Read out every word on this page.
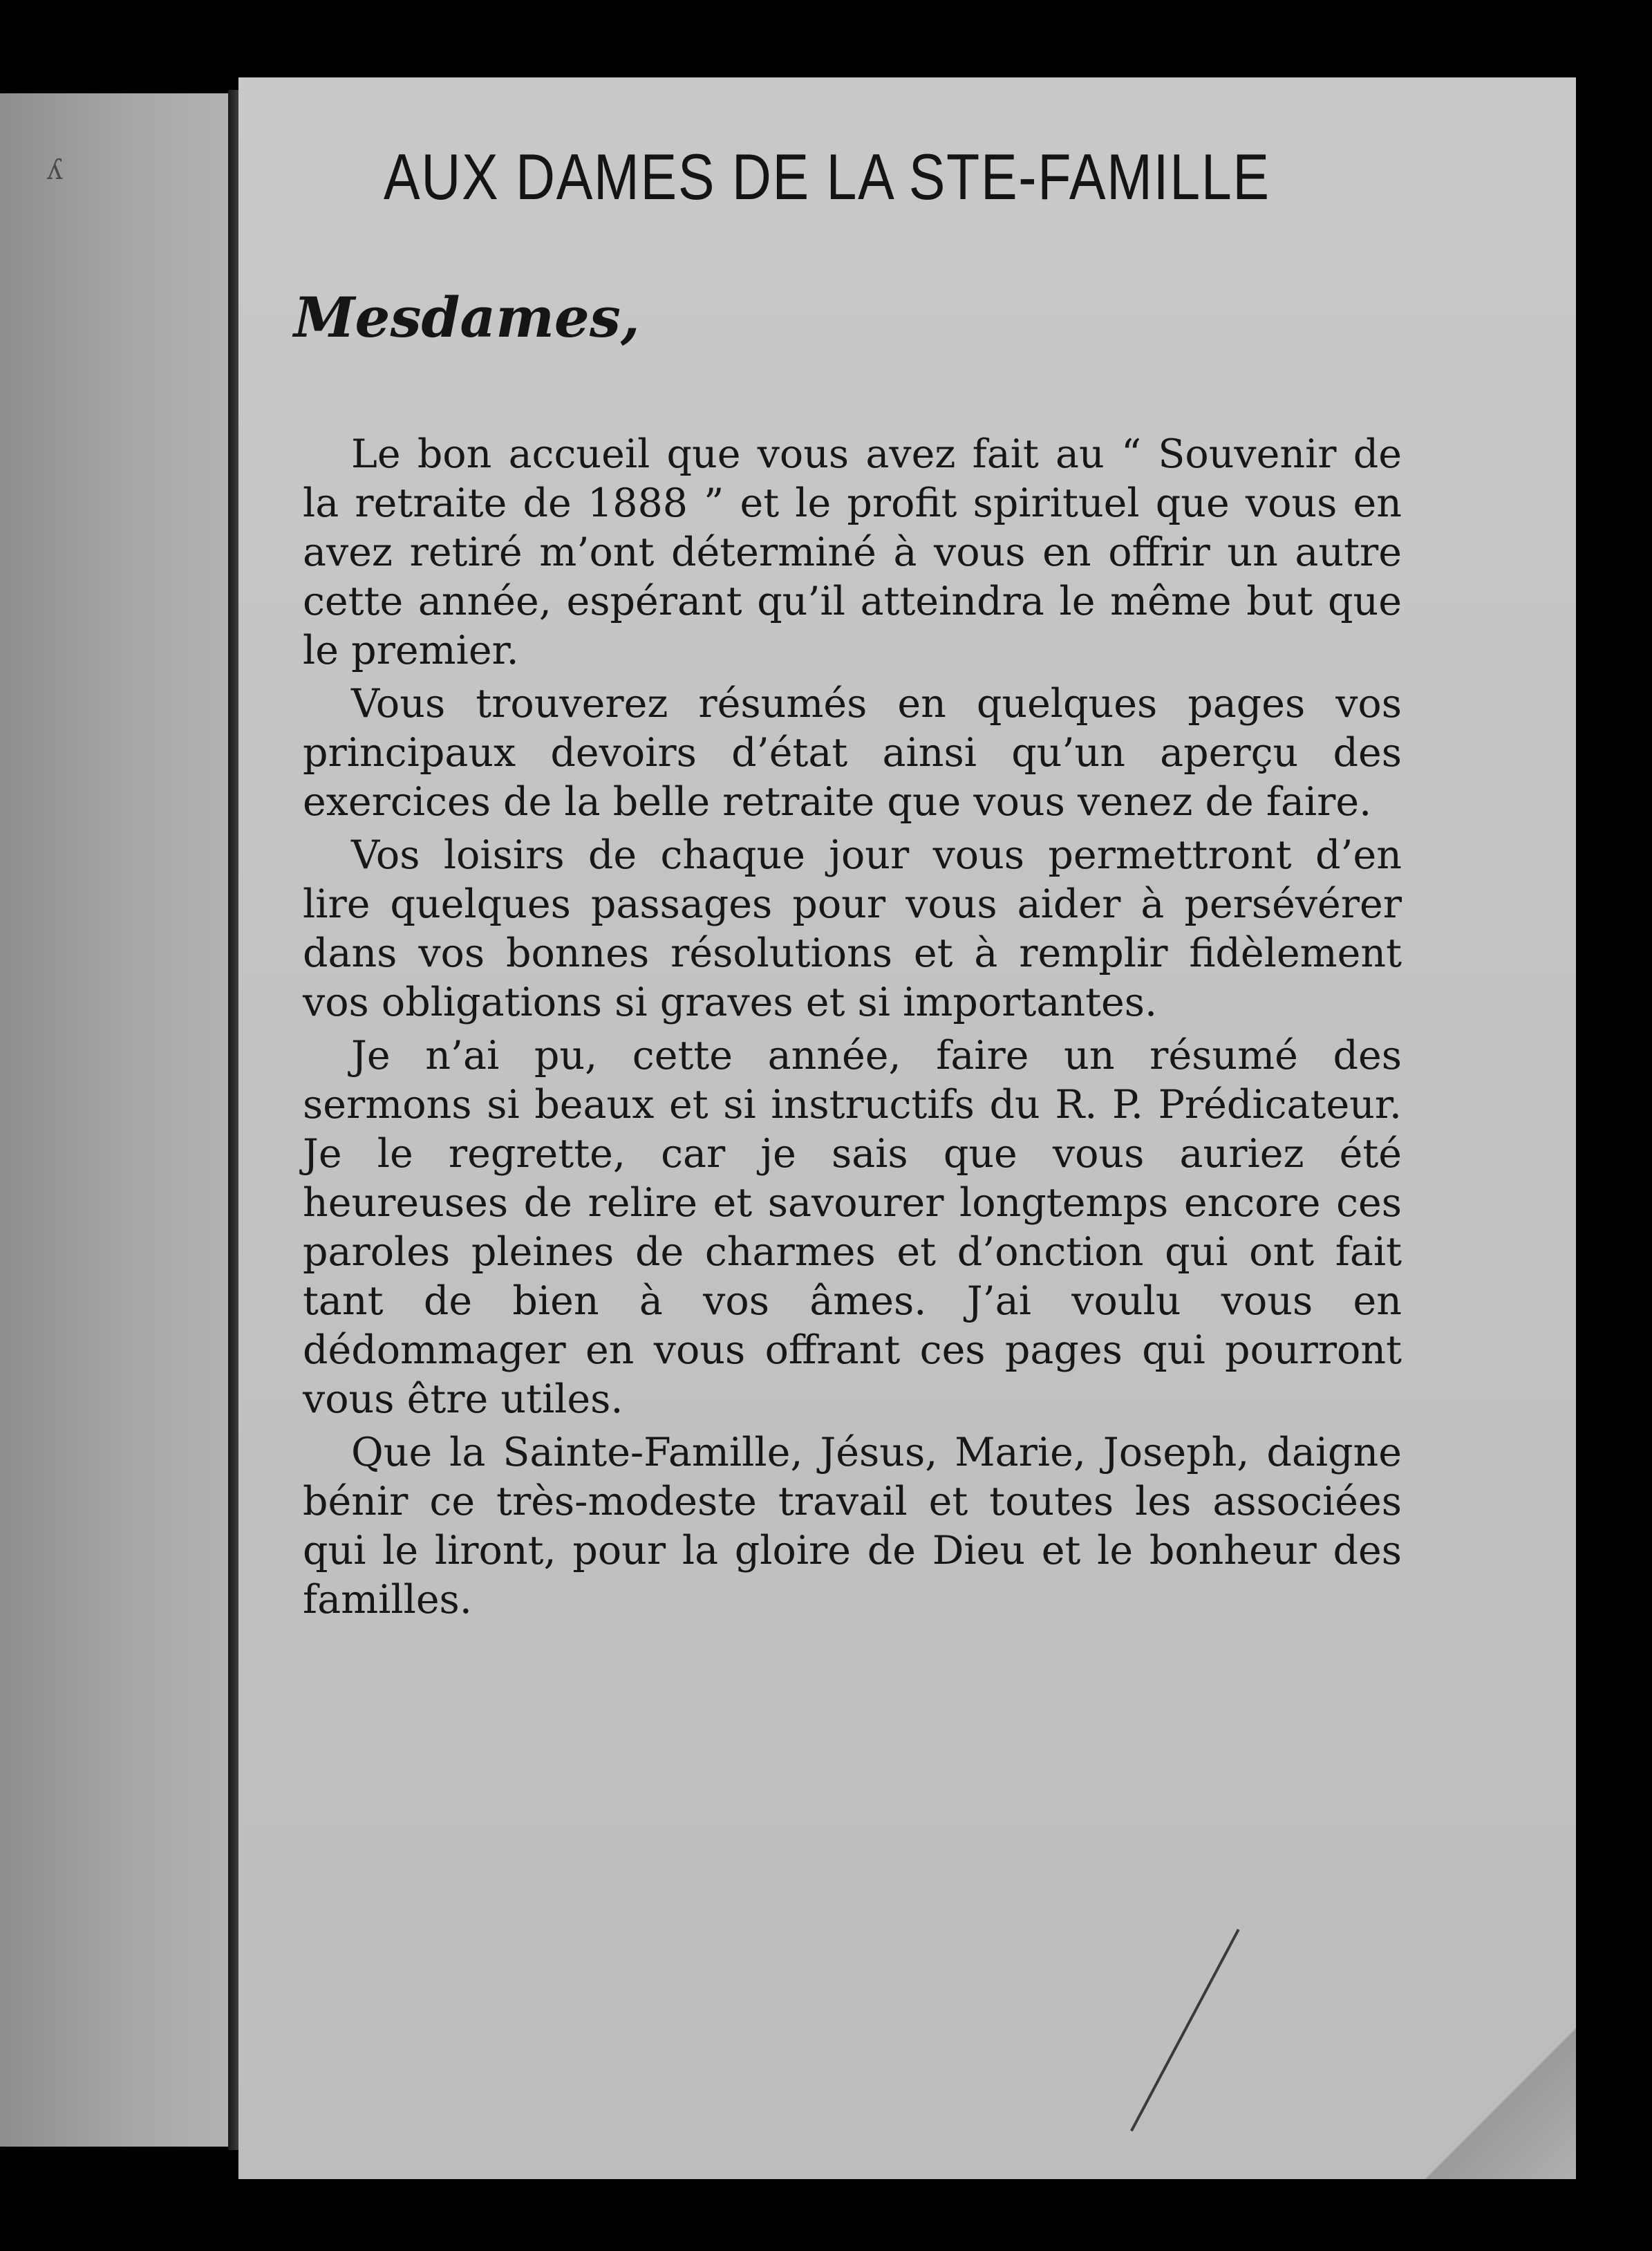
ʎ	AUX DAMES DE LA STE-FAMILLE
Mesdames,

Le bon accueil que vous avez fait au “ Souvenir de la retraite de 1888 ” et le profit spirituel que vous en avez retiré m’ont déterminé à vous en offrir un autre cette année, espérant qu’il atteindra le même but que le premier.

Vous trouverez résumés en quelques pages vos principaux devoirs d’état ainsi qu’un aperçu des exercices de la belle retraite que vous venez de faire.

Vos loisirs de chaque jour vous permettront d’en lire quelques passages pour vous aider à persévérer dans vos bonnes résolutions et à remplir fidèlement vos obligations si graves et si importantes.

Je n’ai pu, cette année, faire un résumé des sermons si beaux et si instructifs du R. P. Prédicateur. Je le regrette, car je sais que vous auriez été heureuses de relire et savourer longtemps encore ces paroles pleines de charmes et d’onction qui ont fait tant de bien à vos âmes. J’ai voulu vous en dédommager en vous offrant ces pages qui pourront vous être utiles.

Que la Sainte-Famille, Jésus, Marie, Joseph, daigne bénir ce très-modeste travail et toutes les associées qui le liront, pour la gloire de Dieu et le bonheur des familles.
